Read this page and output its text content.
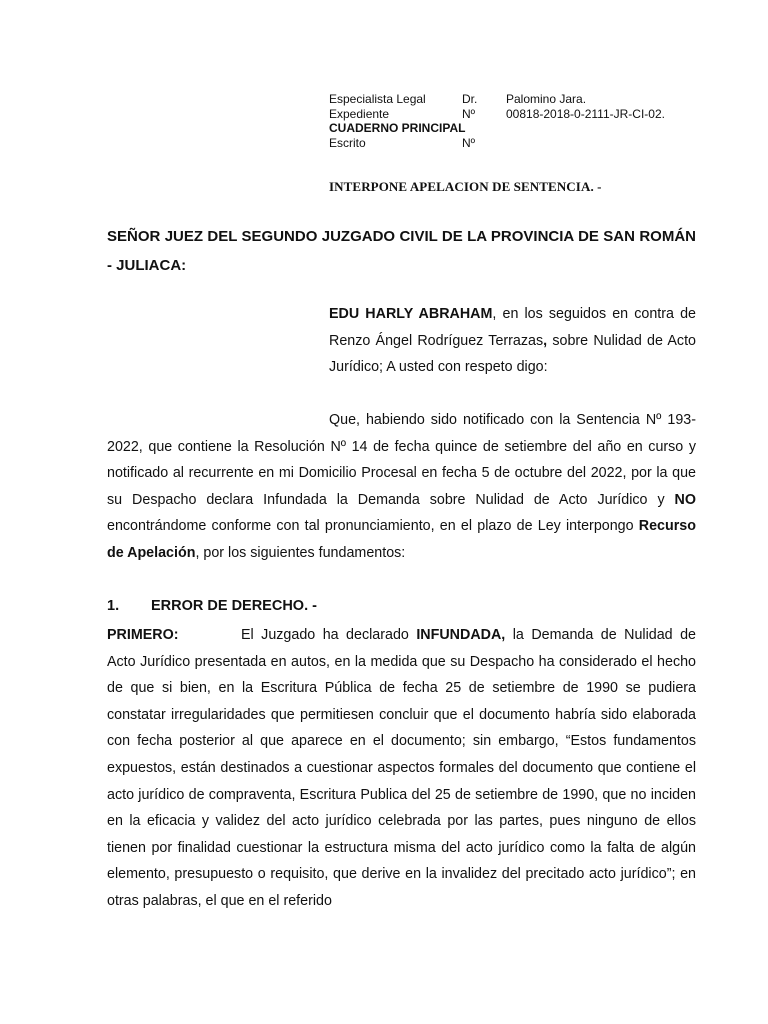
Especialista Legal	Dr. Palomino Jara.
Expediente	Nº	00818-2018-0-2111-JR-CI-02.
CUADERNO PRINCIPAL
Escrito	Nº
INTERPONE APELACION DE SENTENCIA. -
SEÑOR JUEZ DEL SEGUNDO JUZGADO CIVIL DE LA PROVINCIA DE SAN ROMÁN - JULIACA:
EDU HARLY ABRAHAM, en los seguidos en contra de Renzo Ángel Rodríguez Terrazas, sobre Nulidad de Acto Jurídico; A usted con respeto digo:
Que, habiendo sido notificado con la Sentencia Nº 193-2022, que contiene la Resolución Nº 14 de fecha quince de setiembre del año en curso y notificado al recurrente en mi Domicilio Procesal en fecha 5 de octubre del 2022, por la que su Despacho declara Infundada la Demanda sobre Nulidad de Acto Jurídico y NO encontrándome conforme con tal pronunciamiento, en el plazo de Ley interpongo Recurso de Apelación, por los siguientes fundamentos:
1. ERROR DE DERECHO. -
PRIMERO:	El Juzgado ha declarado INFUNDADA, la Demanda de Nulidad de Acto Jurídico presentada en autos, en la medida que su Despacho ha considerado el hecho de que si bien, en la Escritura Pública de fecha 25 de setiembre de 1990 se pudiera constatar irregularidades que permitiesen concluir que el documento habría sido elaborada con fecha posterior al que aparece en el documento; sin embargo, “Estos fundamentos expuestos, están destinados a cuestionar aspectos formales del documento que contiene el acto jurídico de compraventa, Escritura Publica del 25 de setiembre de 1990, que no inciden en la eficacia y validez del acto jurídico celebrada por las partes, pues ninguno de ellos tienen por finalidad cuestionar la estructura misma del acto jurídico como la falta de algún elemento, presupuesto o requisito, que derive en la invalidez del precitado acto jurídico”; en otras palabras, el que en el referido
